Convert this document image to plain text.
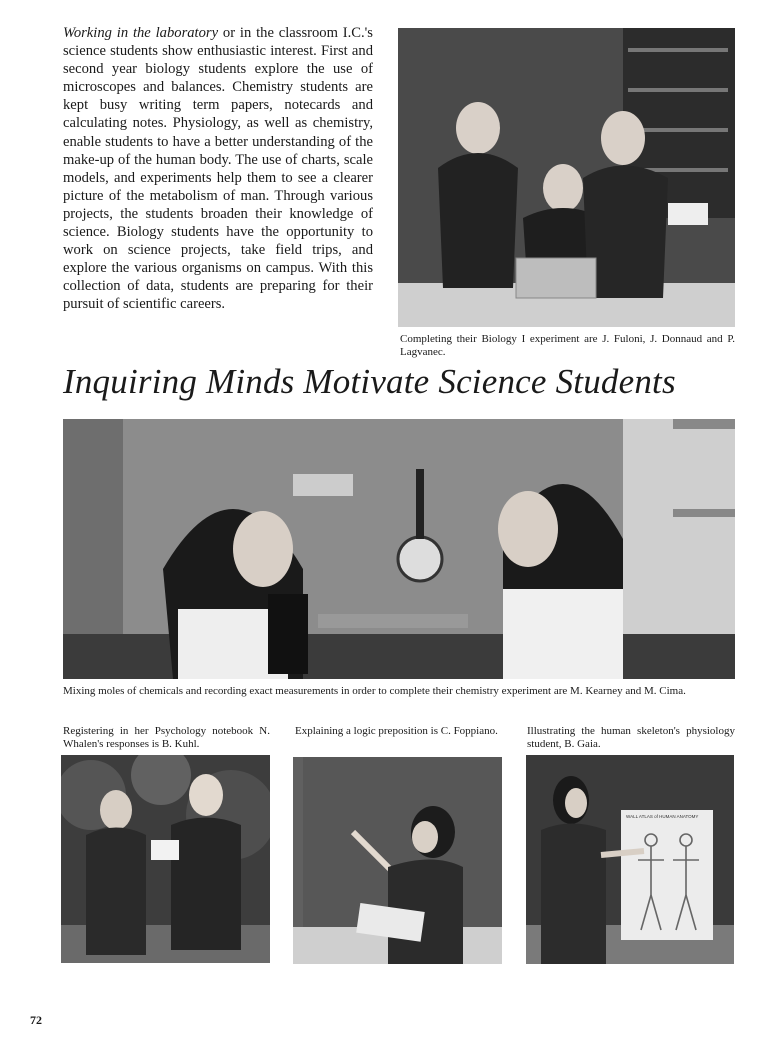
Working in the laboratory or in the classroom I.C.'s science students show enthusiastic interest. First and second year biology students explore the use of microscopes and balances. Chemistry students are kept busy writing term papers, notecards and calculating notes. Physiology, as well as chemistry, enable students to have a better understanding of the make-up of the human body. The use of charts, scale models, and experiments help them to see a clearer picture of the metabolism of man. Through various projects, the students broaden their knowledge of science. Biology students have the opportunity to work on science projects, take field trips, and explore the various organisms on campus. With this collection of data, students are preparing for their pursuit of scientific careers.
Completing their Biology I experiment are J. Fuloni, J. Donnaud and P. Lagvanec.
Inquiring Minds Motivate Science Students
Mixing moles of chemicals and recording exact measurements in order to complete their chemistry experiment are M. Kearney and M. Cima.
Registering in her Psychology notebook N. Whalen's responses is B. Kuhl.
Explaining a logic preposition is C. Foppiano.	Illustrating the human skeleton's physiology student, B. Gaia.
WALL ATLAS of HUMAN ANATOMY
72
